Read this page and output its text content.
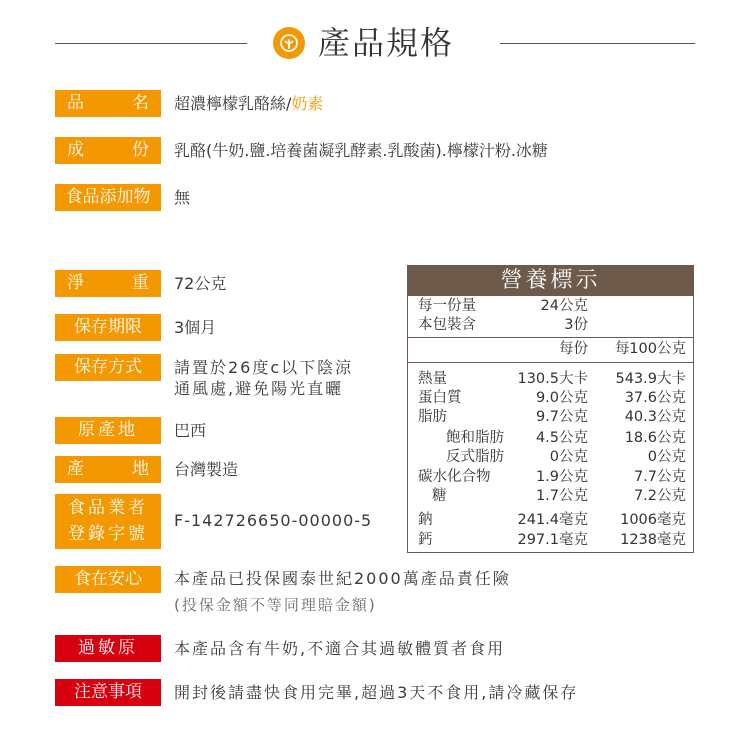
產品規格
品	名 超濃檸檬乳酪絲/奶素
成	份 乳酪(牛奶.鹽.培養菌凝乳酵素.乳酸菌).檸檬汁粉.冰糖
食品添加物	無
淨	重 72公克
保存期限	3個月
保存方式	請置於26度c以下陰涼
通風處,避免陽光直曬
原產地	巴西
產	地 台灣製造
食品業者
登錄字號
F-142726650-00000-5
營養標示
每一份量	24公克
本包裝含	3份
每份 每100公克
熱量	130.5大卡 543.9大卡
蛋白質	9.0公克	37.6公克
脂肪	9.7公克	40.3公克
飽和脂肪 4.5公克	18.6公克
反式脂肪	0公克	0公克
碳水化合物	1.9公克	7.7公克
糖	1.7公克	7.2公克
鈉	241.4毫克 1006毫克
鈣	297.1毫克 1238毫克
食在安心	本產品已投保國泰世紀2000萬產品責任險
(投保金額不等同理賠金額)
過敏原	本產品含有牛奶,不適合其過敏體質者食用
注意事項	開封後請盡快食用完畢,超過3天不食用,請冷藏保存
